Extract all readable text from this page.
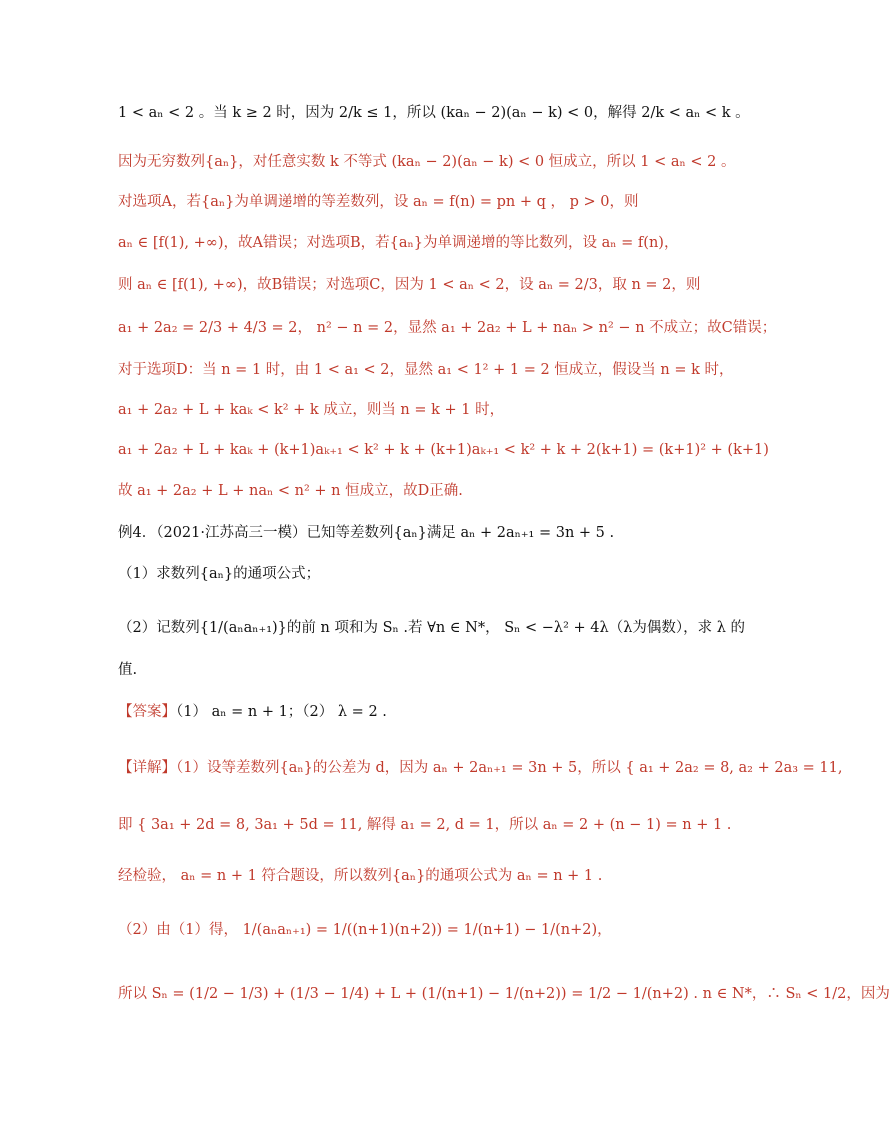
1 < aₙ < 2 。当 k ≥ 2 时，因为 2/k ≤ 1，所以 (kaₙ − 2)(aₙ − k) < 0，解得 2/k < aₙ < k 。
因为无穷数列{aₙ}，对任意实数 k 不等式 (kaₙ − 2)(aₙ − k) < 0 恒成立，所以 1 < aₙ < 2 。
对选项A，若{aₙ}为单调递增的等差数列，设 aₙ = f(n) = pn + q ， p > 0，则
aₙ ∈ [f(1), +∞)，故A错误；对选项B，若{aₙ}为单调递增的等比数列，设 aₙ = f(n)，
则 aₙ ∈ [f(1), +∞)，故B错误；对选项C，因为 1 < aₙ < 2，设 aₙ = 2/3，取 n = 2，则
a₁ + 2a₂ = 2/3 + 4/3 = 2， n² − n = 2，显然 a₁ + 2a₂ + L + naₙ > n² − n 不成立；故C错误；
对于选项D：当 n = 1 时，由 1 < a₁ < 2，显然 a₁ < 1² + 1 = 2 恒成立，假设当 n = k 时，
a₁ + 2a₂ + L + kaₖ < k² + k 成立，则当 n = k + 1 时，
a₁ + 2a₂ + L + kaₖ + (k+1)aₖ₊₁ < k² + k + (k+1)aₖ₊₁ < k² + k + 2(k+1) = (k+1)² + (k+1)
故 a₁ + 2a₂ + L + naₙ < n² + n 恒成立，故D正确.
例4．（2021·江苏高三一模）已知等差数列{aₙ}满足 aₙ + 2aₙ₊₁ = 3n + 5 .
（1）求数列{aₙ}的通项公式；
（2）记数列{1/(aₙaₙ₊₁)}的前 n 项和为 Sₙ .若 ∀n ∈ N*， Sₙ < −λ² + 4λ（λ为偶数），求 λ 的
值.
【答案】（1） aₙ = n + 1；（2） λ = 2 .
【详解】（1）设等差数列{aₙ}的公差为 d，因为 aₙ + 2aₙ₊₁ = 3n + 5，所以 { a₁ + 2a₂ = 8, a₂ + 2a₃ = 11,
即 { 3a₁ + 2d = 8, 3a₁ + 5d = 11, 解得 a₁ = 2, d = 1，所以 aₙ = 2 + (n − 1) = n + 1 .
经检验， aₙ = n + 1 符合题设，所以数列{aₙ}的通项公式为 aₙ = n + 1 .
（2）由（1）得， 1/(aₙaₙ₊₁) = 1/((n+1)(n+2)) = 1/(n+1) − 1/(n+2)，
所以 Sₙ = (1/2 − 1/3) + (1/3 − 1/4) + L + (1/(n+1) − 1/(n+2)) = 1/2 − 1/(n+2) . n ∈ N*，∴ Sₙ < 1/2，因为
